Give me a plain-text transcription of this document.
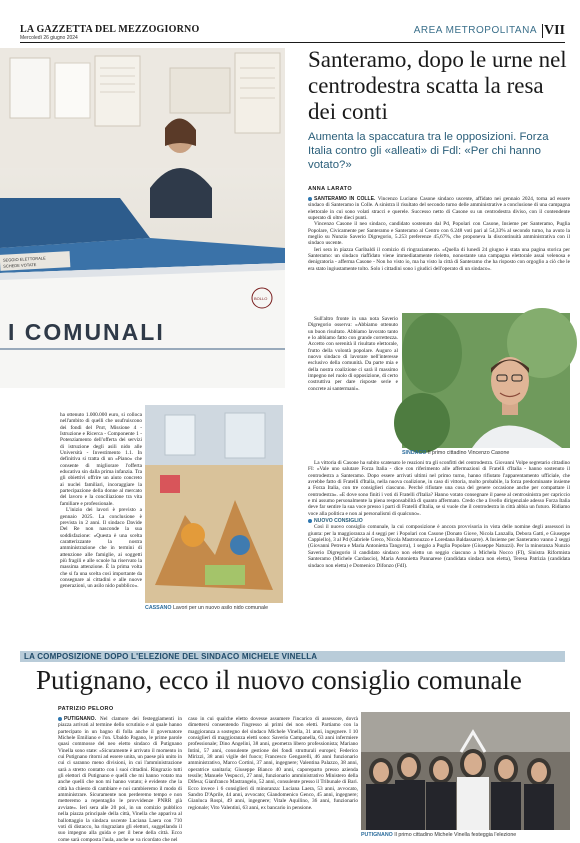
LA GAZZETTA DEL MEZZOGIORNO
Mercoledì 26 giugno 2024
AREA METROPOLITANA VII
SEGGIO ELETTORALE
SCHEDE VOTATE
I COMUNALI
BOLLO
Santeramo, dopo le urne nel centrodestra scatta la resa dei conti
Aumenta la spaccatura tra le opposizioni. Forza Italia contro gli «alleati» di Fdl: «Per chi hanno votato?»
ANNA LARATO

SANTERAMO IN COLLE. Vincenzo Luciano Casone sindaco uscente, affidato nei gennaio 2024, torna ad essere sindaco di Santeramo in Colle. A sinistra il risultato del secondo turno delle amministrative a conclusione di una campagna elettorale in cui sono volati stracci e querele. Successo netto di Casone su un centrodestra diviso, con il contendente superato di oltre dieci punti.

Vincenzo Casone il neo sindaco, candidato sostenuto dal Pd, Popolari con Casone, Insieme per Santeramo, Puglia Popolare, Civicamente per Santeramo e Santeramo al Centro con 6.248 voti pari al 54,33% al secondo turno, ha avuto la meglio su Nunzio Saverio Digregorio, 5.253 preferenze 45,67%, che proponeva la discontinuità amministrativa con il sindaco uscente.

Ieri sera in piazza Garibaldi il comizio di ringraziamento. «Quella di lunedì 24 giugno è stata una pagina storica per Santeramo: un sindaco riaffidato viene immediatamente rieletto, nonostante una campagna elettorale assai velenosa e denigratoria - afferma Casone - Non ho visto io, ma ha visto la città di Santeramo che ha risposto con orgoglio a ciò che le era stato ingiustamente tolto. Solo i cittadini sono i giudici dell'operato di un sindaco».

Sull'altro fronte in una nota Saverio Digregorio osserva: «Abbiamo ottenuto un buon risultato. Abbiamo lavorato tanto e lo abbiamo fatto con grande correttezza. Accetto con serenità il risultato elettorale, frutto della volontà popolare. Auguro al nuovo sindaco di lavorare nell'interesse esclusivo della comunità. Da parte mia e della nostra coalizione ci sarà il massimo impegno nel ruolo di opposizione, di certo costruttiva per dare risposte serie e concrete ai santermani».

SINDACO Il primo cittadino Vincenzo Casone

La vittoria di Casone ha subito scatenato le reazioni tra gli sconfitti del centrodestra. Giovanni Volpe segretario cittadino FI: «Vale uno salutare Forza Italia - dice con riferimento alle affermazioni di Fratelli d'Italia - hanno sostenuto il centrodestra a Santeramo. Dopo essere arrivati ultimi nel primo turno, hanno rifiutato l'apparentamento ufficiale, che avrebbe fatto di Fratelli d'Italia, nella nuova coalizione, in caso di vittoria, molto probabile, la forza predominante insieme a Forza Italia, con tre consiglieri ciascuno. Perché rifiutare una cosa del genere occasione anche per compattare il centrodestra». «E dove sono finiti i voti di Fratelli d'Italia? Hanno votato consegnare il paese al centrosinistra per capriccio e mi assumo personalmente la piena responsabilità di quanto affermato. Credo che a livello dirigenziale adesso Forza Italia deve far sentire la sua voce presso i parti di Fratelli d'Italia, se si vuole che il centrodestra in città abbia un futuro. Ridiamo voce alla politica e non ai personalismi di qualcuno».

NUOVO CONSIGLIO

Così il nuovo consiglio comunale, la cui composizione è ancora provvisoria in vista delle nomine degli assessori in giunta: per la maggioranza ai 4 seggi per i Popolari con Casone (Donato Giove, Nicola Lanzalla, Debora Gatti, e Giuseppe Cappiello), 3 al Pd (Gabriele Greco, Nicola Mastronuzzo e Loredana Baldassarre). A Insieme per Santeramo vanno 2 seggi (Giovanni Petrera e Maria Antonietta Tangorra), 1 seggio a Puglia Popolare (Giuseppe Natuzzi). Per la minoranza Nunzio Saverio Digregorio il candidato sindaco non eletto un seggio ciascuno a Michela Nocco (FI), Sinistra Riformista Santeramo (Michele Cardascio), Maria Antonietta Pannarese (candidata sindaca non eletta), Teresa Patrizia (candidata sindaco non eletta) e Domenico Difonzo (FdI).

ha ottenuto 1.000.000 euro, si colloca nell'ambito di quelli che usufruiscono dei fondi del Pnrr, Missione 4 - Istruzione e Ricerca - Componente 1 - Potenziamento dell'offerta dei servizi di istruzione degli asili nido alle Università - Investimento 1.1. In definitiva si tratta di un «Piano» che consente di migliorare l'offerta educativa sin dalla prima infanzia. Tra gli obiettivi offrire un aiuto concreto ai nuclei familiari, incoraggiare la partecipazione della donne al mercato del lavoro e la conciliazione tra vita familiare e professionale.

L'inizio dei lavori è previsto a gennaio 2025. La conclusione è prevista in 2 anni. Il sindaco Davide Del Re non nasconde la sua soddisfazione: «Questa è una scelta caratterizzante la nostra amministrazione che in termini di attenzione alle famiglie, ai soggetti più fragili e alle scuole ha riservato la massima attenzione. È la prima volta che si fa una scelta così importante da consegnare ai cittadini e alle nuove generazioni, un asilo nido pubblico».

CASSANO Lavori per un nuovo asilo nido comunale
LA COMPOSIZIONE DOPO L'ELEZIONE DEL SINDACO MICHELE VINELLA
Putignano, ecco il nuovo consiglio comunale
PATRIZIO PELORO

PUTIGNANO. Nel clamore dei festeggiamenti in piazza arrivati al termine dello scrutinio e al quale hanno partecipato in un bagno di folla anche il governatore Michele Emiliano e l'on. Ubaldo Pagano, le prime parole quasi commosse del neo eletto sindaco di Putignano Vinella sono state: «Sicuramente è arrivato il momento in cui Putignano ritorni ad essere unita, un paese più unito in cui ci saranno meno divisioni, in cui l'amministrazione sarà a stretto contatto con i suoi cittadini. Ringrazio tutti gli elettori di Putignano e quelli che mi hanno votato ma anche quelli che non mi hanno votato; è evidente che la città ha chiesto di cambiare e noi cambieremo il modo di amministrare. Sicuramente non perderemo tempo e non metteremo a repentaglio le provvidenze PNRR già avviate». Ieri sera alle 20 poi, in un comizio pubblico nella piazza principale della città, Vinella che appariva al ballottaggio la sindaca uscente Luciana Laera con 710 voti di distacco, ha ringraziato gli elettori, suggellando il suo impegno alla guida e per il bene della città. Ecco come sarà composta l'aula, anche se va ricordato che nel

caso in cui qualche eletto dovesse assumere l'incarico di assessore, dovrà dimettersi consentendo l'ingresso ai primi dei non eletti. Partiamo con la maggioranza a sostegno del sindaco Michele Vinella, 31 anni, ingegnere. I 10 consiglieri di maggioranza eletti sono: Saverio Campanella, 63 anni infermiere professionale; Dino Angelini, 38 anni, geometra libero professionista; Mariano Intini, 57 anni, consulente gestione dei fondi strutturali europei; Federico Mirizzi, 38 anni vigile del fuoco; Francesco Gengarelli, 46 anni funzionario amministrativo, Marco Cortini, 37 anni, ingegnere; Valentina Palazzo, 38 anni, operatrice sanitaria; Giuseppe Bianco 40 anni, caporeparto presso azienda tessile; Manuele Vespucci, 27 anni, funzionario amministrativo Ministero della Difesa; Gianfranco Mastrangelo, 52 anni, consulente presso il Tribunale di Bari. Ecco invece i 6 consiglieri di minoranza: Luciana Laera, 53 anni, avvocato, Sandro D'Aprile, 44 anni, avvocato; Giandomenico Genco, 45 anni, ingegnere; Gianluca Rospi, 49 anni, ingegnere; Vitale Aquilino, 36 anni, funzionario regionale; Vito Valentini, 63 anni, ex bancario in pensione.

PUTIGNANO Il primo cittadino Michele Vinella festeggia l'elezione
